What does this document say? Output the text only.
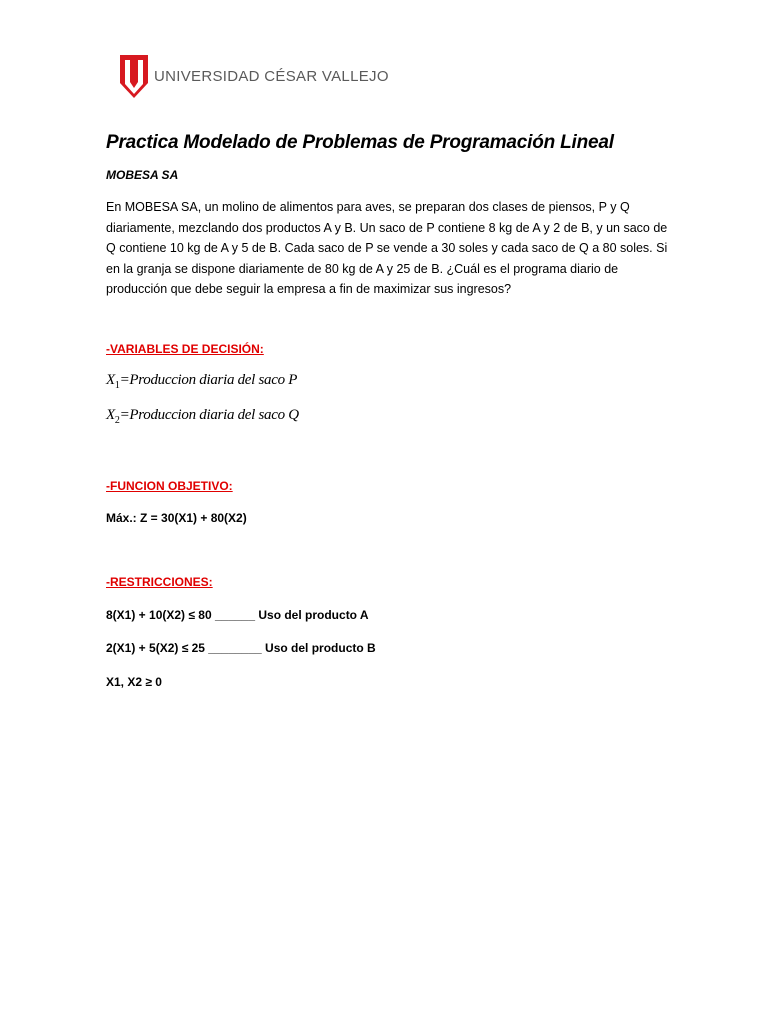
UNIVERSIDAD CÉSAR VALLEJO
Practica Modelado de Problemas de Programación Lineal
MOBESA SA

En MOBESA SA, un molino de alimentos para aves, se preparan dos clases de piensos, P y Q
diariamente, mezclando dos productos A y B. Un saco de P contiene 8 kg de A y 2 de B, y un saco de
Q contiene 10 kg de A y 5 de B. Cada saco de P se vende a 30 soles y cada saco de Q a 80 soles. Si
en la granja se dispone diariamente de 80 kg de A y 25 de B. ¿Cuál es el programa diario de
producción que debe seguir la empresa a fin de maximizar sus ingresos?

-VARIABLES DE DECISIÓN:
$X_1=Produccion$ diaria del saco P
$X_2=Produccion$ diaria del saco Q
-FUNCION OBJETIVO:
Máx.: Z = 30(X1) + 80(X2)
-RESTRICCIONES:
8(X1) + 10(X2) ≤ 80 ______ Uso del producto A
2(X1) + 5(X2) ≤ 25 ________ Uso del producto B
X1, X2 ≥ 0
